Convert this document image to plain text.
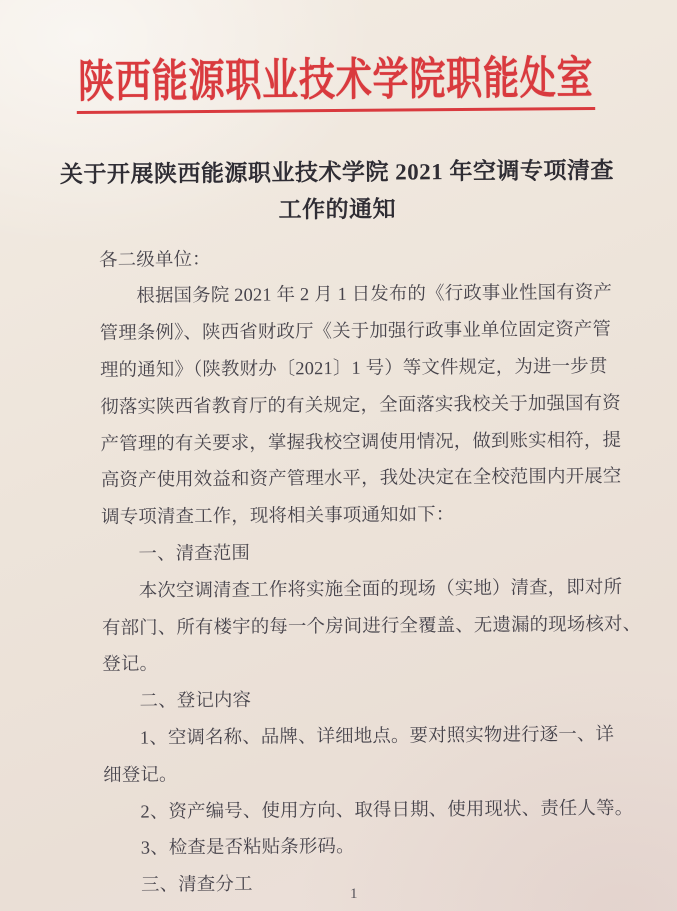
陕西能源职业技术学院职能处室
关于开展陕西能源职业技术学院 2021 年空调专项清查
工作的通知
各二级单位：
根据国务院 2021 年 2 月 1 日发布的《行政事业性国有资产
管理条例》、陕西省财政厅《关于加强行政事业单位固定资产管
理的通知》（陕教财办〔2021〕1 号）等文件规定，为进一步贯
彻落实陕西省教育厅的有关规定，全面落实我校关于加强国有资
产管理的有关要求，掌握我校空调使用情况，做到账实相符，提
高资产使用效益和资产管理水平，我处决定在全校范围内开展空
调专项清查工作，现将相关事项通知如下：
一、清查范围
本次空调清查工作将实施全面的现场（实地）清查，即对所
有部门、所有楼宇的每一个房间进行全覆盖、无遗漏的现场核对、
登记。
二、登记内容
1、空调名称、品牌、详细地点。要对照实物进行逐一、详
细登记。
2、资产编号、使用方向、取得日期、使用现状、责任人等。
3、检查是否粘贴条形码。
三、清查分工	1
